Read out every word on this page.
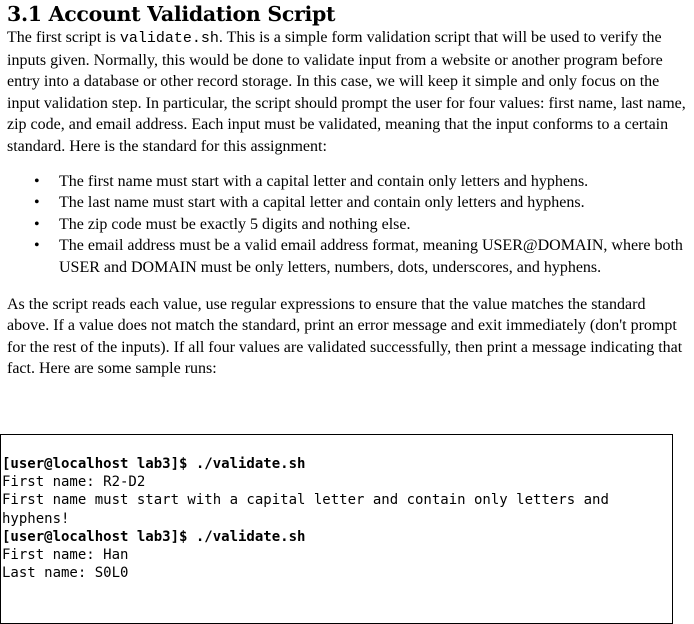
3.1 Account Validation Script

The first script is validate.sh. This is a simple form validation script that will be used to verify the inputs given. Normally, this would be done to validate input from a website or another program before entry into a database or other record storage. In this case, we will keep it simple and only focus on the input validation step. In particular, the script should prompt the user for four values: first name, last name, zip code, and email address. Each input must be validated, meaning that the input conforms to a certain standard. Here is the standard for this assignment:

• The first name must start with a capital letter and contain only letters and hyphens.
• The last name must start with a capital letter and contain only letters and hyphens.
• The zip code must be exactly 5 digits and nothing else.
• The email address must be a valid email address format, meaning USER@DOMAIN, where both USER and DOMAIN must be only letters, numbers, dots, underscores, and hyphens.

As the script reads each value, use regular expressions to ensure that the value matches the standard above. If a value does not match the standard, print an error message and exit immediately (don't prompt for the rest of the inputs). If all four values are validated successfully, then print a message indicating that fact. Here are some sample runs:

[user@localhost lab3]$ ./validate.sh
First name: R2-D2
First name must start with a capital letter and contain only letters and hyphens!
[user@localhost lab3]$ ./validate.sh
First name: Han
Last name: S0L0
